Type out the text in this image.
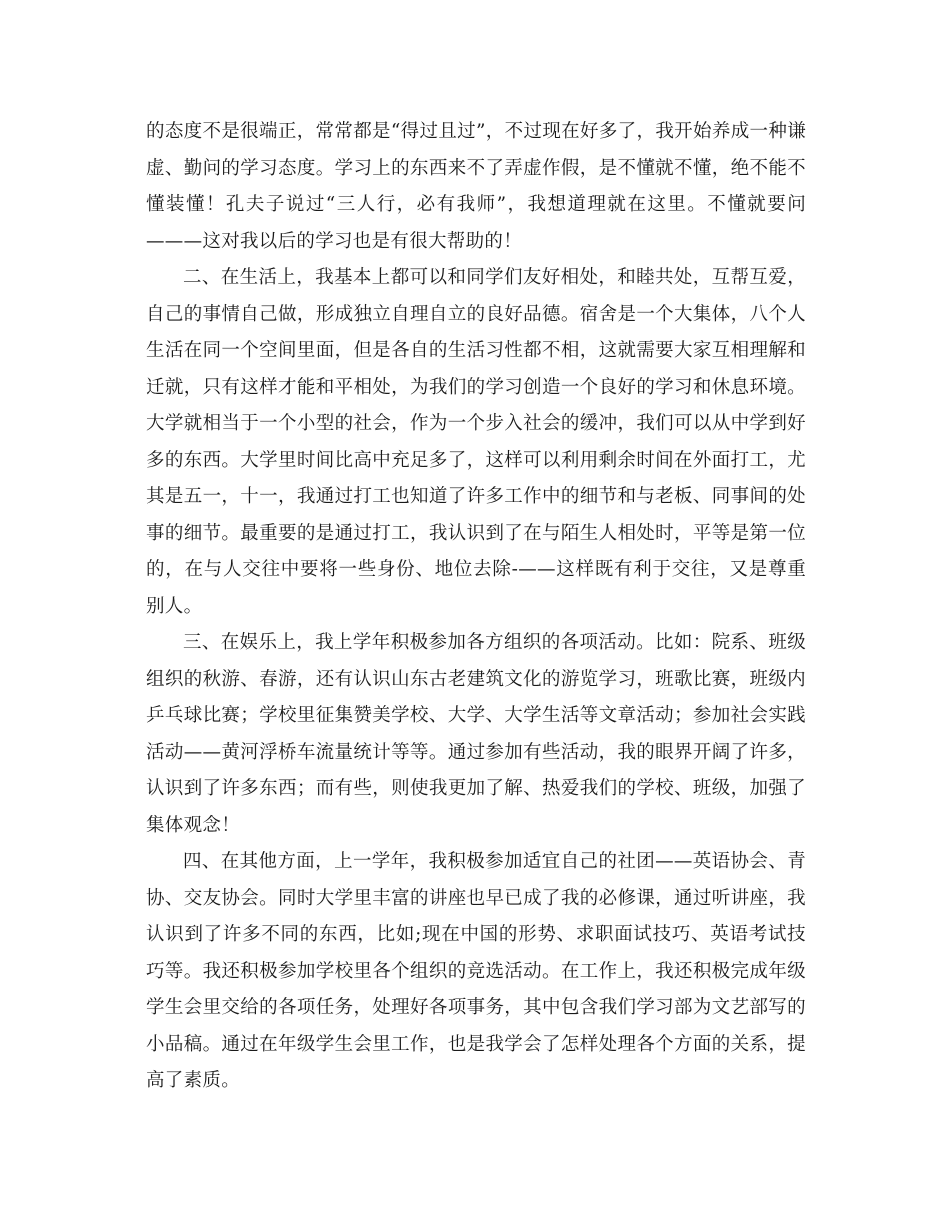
的态度不是很端正，常常都是“得过且过”，不过现在好多了，我开始养成一种谦虚、勤问的学习态度。学习上的东西来不了弄虚作假，是不懂就不懂，绝不能不懂装懂！孔夫子说过“三人行，必有我师”，我想道理就在这里。不懂就要问———这对我以后的学习也是有很大帮助的！

二、在生活上，我基本上都可以和同学们友好相处，和睦共处，互帮互爱，自己的事情自己做，形成独立自理自立的良好品德。宿舍是一个大集体，八个人生活在同一个空间里面，但是各自的生活习性都不相，这就需要大家互相理解和迁就，只有这样才能和平相处，为我们的学习创造一个良好的学习和休息环境。大学就相当于一个小型的社会，作为一个步入社会的缓冲，我们可以从中学到好多的东西。大学里时间比高中充足多了，这样可以利用剩余时间在外面打工，尤其是五一，十一，我通过打工也知道了许多工作中的细节和与老板、同事间的处事的细节。最重要的是通过打工，我认识到了在与陌生人相处时，平等是第一位的，在与人交往中要将一些身份、地位去除-——这样既有利于交往，又是尊重别人。

三、在娱乐上，我上学年积极参加各方组织的各项活动。比如：院系、班级组织的秋游、春游，还有认识山东古老建筑文化的游览学习，班歌比赛，班级内乒乓球比赛；学校里征集赞美学校、大学、大学生活等文章活动；参加社会实践活动——黄河浮桥车流量统计等等。通过参加有些活动，我的眼界开阔了许多，认识到了许多东西；而有些，则使我更加了解、热爱我们的学校、班级，加强了集体观念！

四、在其他方面，上一学年，我积极参加适宜自己的社团——英语协会、青协、交友协会。同时大学里丰富的讲座也早已成了我的必修课，通过听讲座，我认识到了许多不同的东西，比如;现在中国的形势、求职面试技巧、英语考试技巧等。我还积极参加学校里各个组织的竞选活动。在工作上，我还积极完成年级学生会里交给的各项任务，处理好各项事务，其中包含我们学习部为文艺部写的小品稿。通过在年级学生会里工作，也是我学会了怎样处理各个方面的关系，提高了素质。
